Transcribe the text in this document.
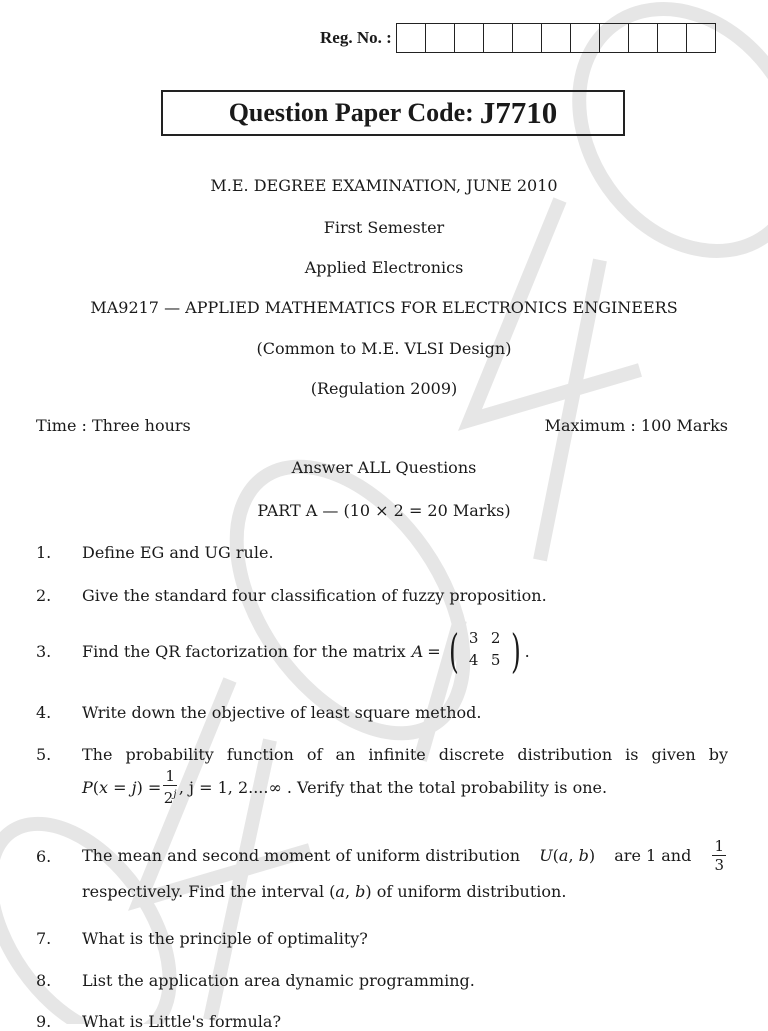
Reg. No. :
Question Paper Code: J7710
M.E. DEGREE EXAMINATION, JUNE 2010
First Semester
Applied Electronics
MA9217 — APPLIED MATHEMATICS FOR ELECTRONICS ENGINEERS
(Common to M.E. VLSI Design)
(Regulation 2009)
Time : Three hours	Maximum : 100 Marks
Answer ALL Questions
PART A — (10 × 2 = 20 Marks)
1. Define EG and UG rule.
2. Give the standard four classification of fuzzy proposition.
3. Find the QR factorization for the matrix A = ( 3 2
4 5 ) .
4. Write down the objective of least square method.
5. The probability function of an infinite discrete distribution is given by
P ( x = j ) = $\frac{1}{2^j}$ , j = 1, 2....∞ . Verify that the total probability is one.
6. The mean and second moment of uniform distribution U(a, b) are 1 and $\frac{1}{3}$
respectively. Find the interval (a, b) of uniform distribution.
7. What is the principle of optimality?
8. List the application area dynamic programming.
9. What is Little's formula?
